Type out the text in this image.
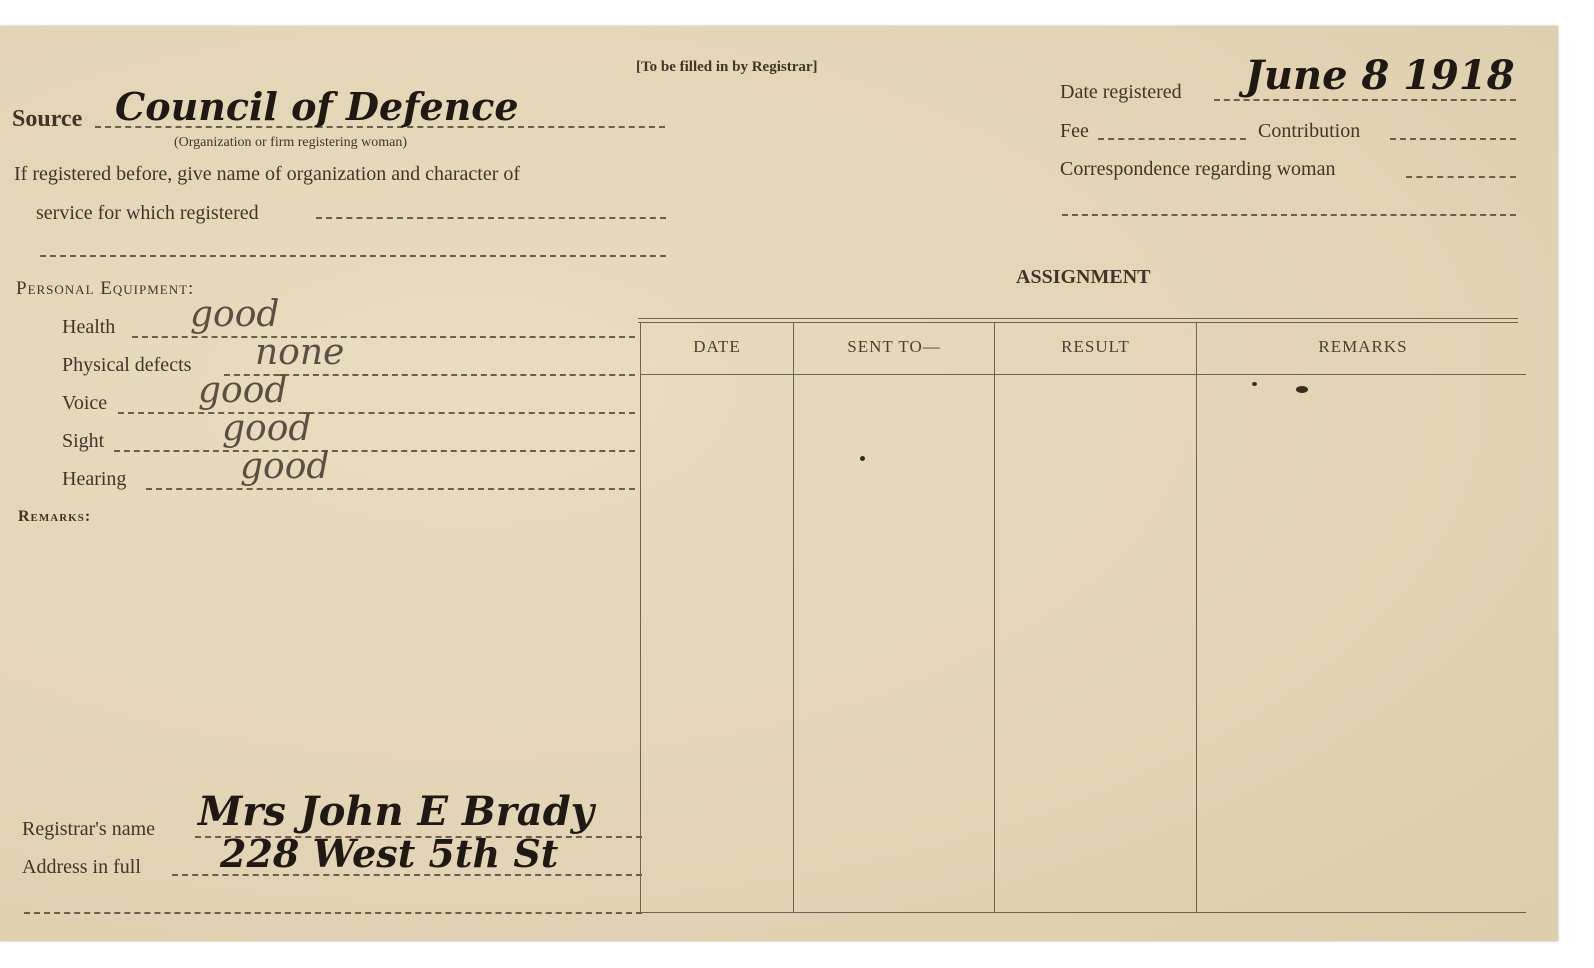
[To be filled in by Registrar]
Source Council of Defence
(Organization or firm registering woman)
If registered before, give name of organization and character of
service for which registered
Date registered June 8 1918
Fee	Contribution
Correspondence regarding woman
Personal Equipment:
Health good
Physical defects none
Voice	good
Sight	good
Hearing	good
Remarks:
ASSIGNMENT
DATE	SENT TO—	RESULT	REMARKS
Registrar's name Mrs John E Brady
Address in full 228 West 5th St
